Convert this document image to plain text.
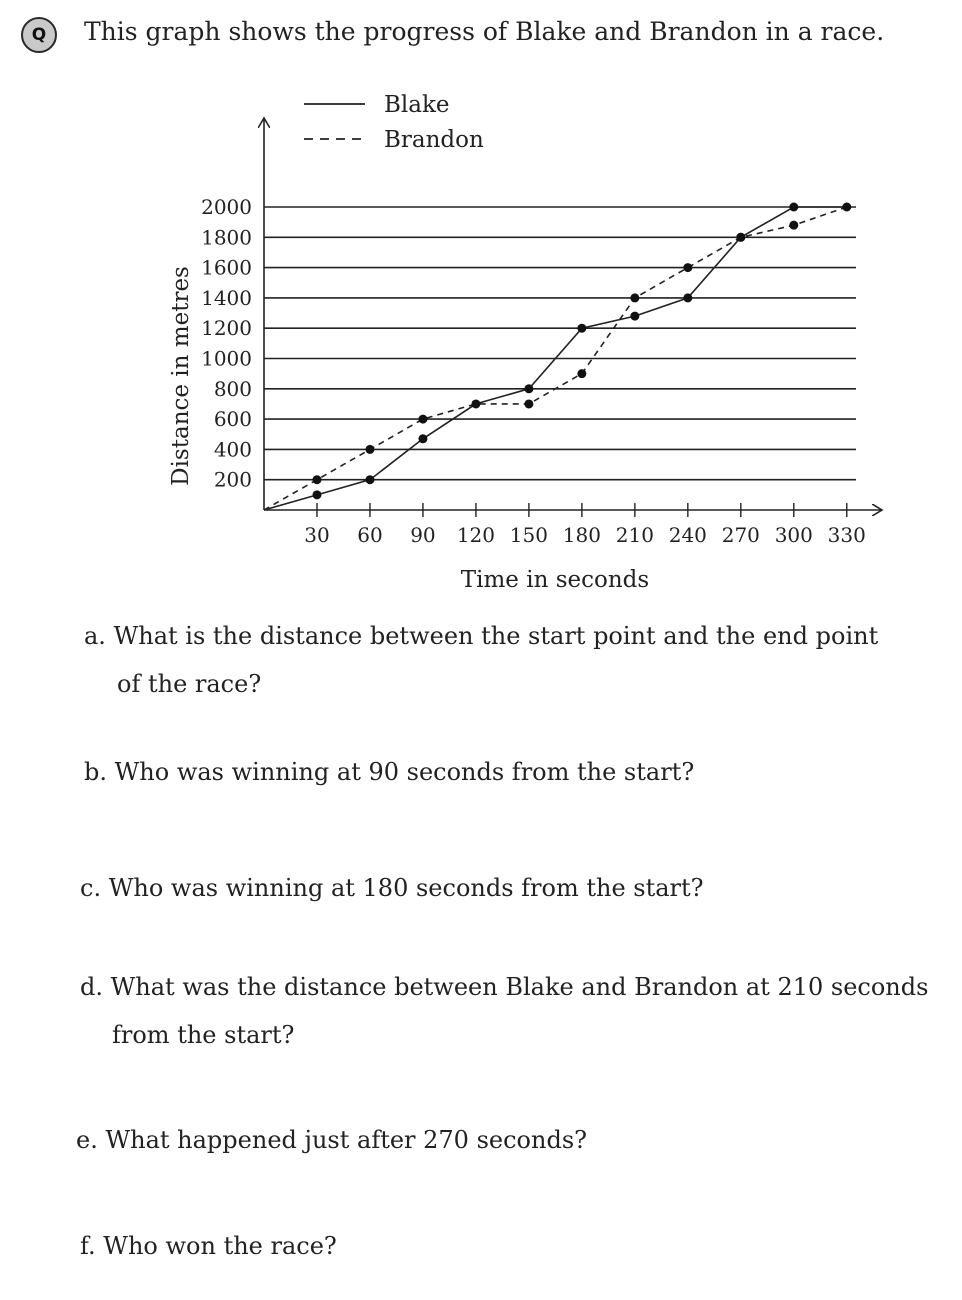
Q	This graph shows the progress of Blake and Brandon in a race.
200
400
600
800
1000
1200
1400
1600
1800
2000
30 60 90 120 150 180 210 240 270 300 330
Time in seconds
Distance in metres
Blake
Brandon
a. What is the distance between the start point and the end point
of the race?
b. Who was winning at 90 seconds from the start?
c. Who was winning at 180 seconds from the start?
d. What was the distance between Blake and Brandon at 210 seconds
from the start?
e. What happened just after 270 seconds?
f. Who won the race?
